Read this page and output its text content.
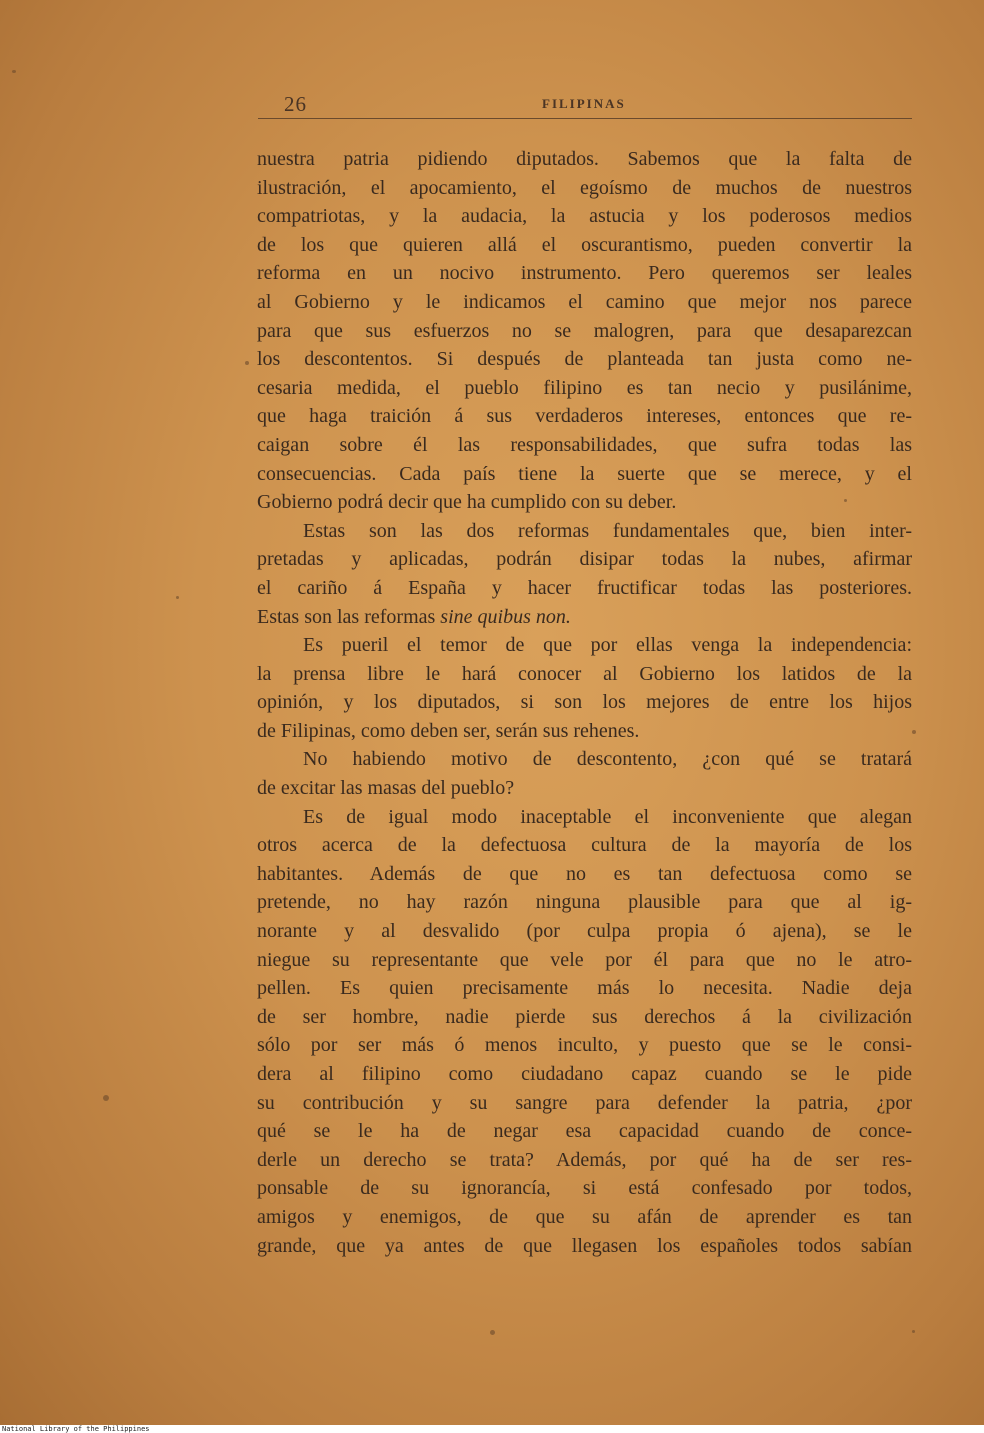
26	FILIPINAS
nuestra patria pidiendo diputados. Sabemos que la falta de
ilustración, el apocamiento, el egoísmo de muchos de nuestros
compatriotas, y la audacia, la astucia y los poderosos medios
de los que quieren allá el oscurantismo, pueden convertir la
reforma en un nocivo instrumento. Pero queremos ser leales
al Gobierno y le indicamos el camino que mejor nos parece
para que sus esfuerzos no se malogren, para que desaparezcan
los descontentos. Si después de planteada tan justa como ne-
cesaria medida, el pueblo filipino es tan necio y pusilánime,
que haga traición á sus verdaderos intereses, entonces que re-
caigan sobre él las responsabilidades, que sufra todas las
consecuencias. Cada país tiene la suerte que se merece, y el
Gobierno podrá decir que ha cumplido con su deber.
Estas son las dos reformas fundamentales que, bien inter-
pretadas y aplicadas, podrán disipar todas la nubes, afirmar
el cariño á España y hacer fructificar todas las posteriores.
Estas son las reformas sine quibus non.
Es pueril el temor de que por ellas venga la independencia:
la prensa libre le hará conocer al Gobierno los latidos de la
opinión, y los diputados, si son los mejores de entre los hijos
de Filipinas, como deben ser, serán sus rehenes.
No habiendo motivo de descontento, ¿con qué se tratará
de excitar las masas del pueblo?
Es de igual modo inaceptable el inconveniente que alegan
otros acerca de la defectuosa cultura de la mayoría de los
habitantes. Además de que no es tan defectuosa como se
pretende, no hay razón ninguna plausible para que al ig-
norante y al desvalido (por culpa propia ó ajena), se le
niegue su representante que vele por él para que no le atro-
pellen. Es quien precisamente más lo necesita. Nadie deja
de ser hombre, nadie pierde sus derechos á la civilización
sólo por ser más ó menos inculto, y puesto que se le consi-
dera al filipino como ciudadano capaz cuando se le pide
su contribución y su sangre para defender la patria, ¿por
qué se le ha de negar esa capacidad cuando de conce-
derle un derecho se trata? Además, por qué ha de ser res-
ponsable de su ignorancía, si está confesado por todos,
amigos y enemigos, de que su afán de aprender es tan
grande, que ya antes de que llegasen los españoles todos sabían
National Library of the Philippines
